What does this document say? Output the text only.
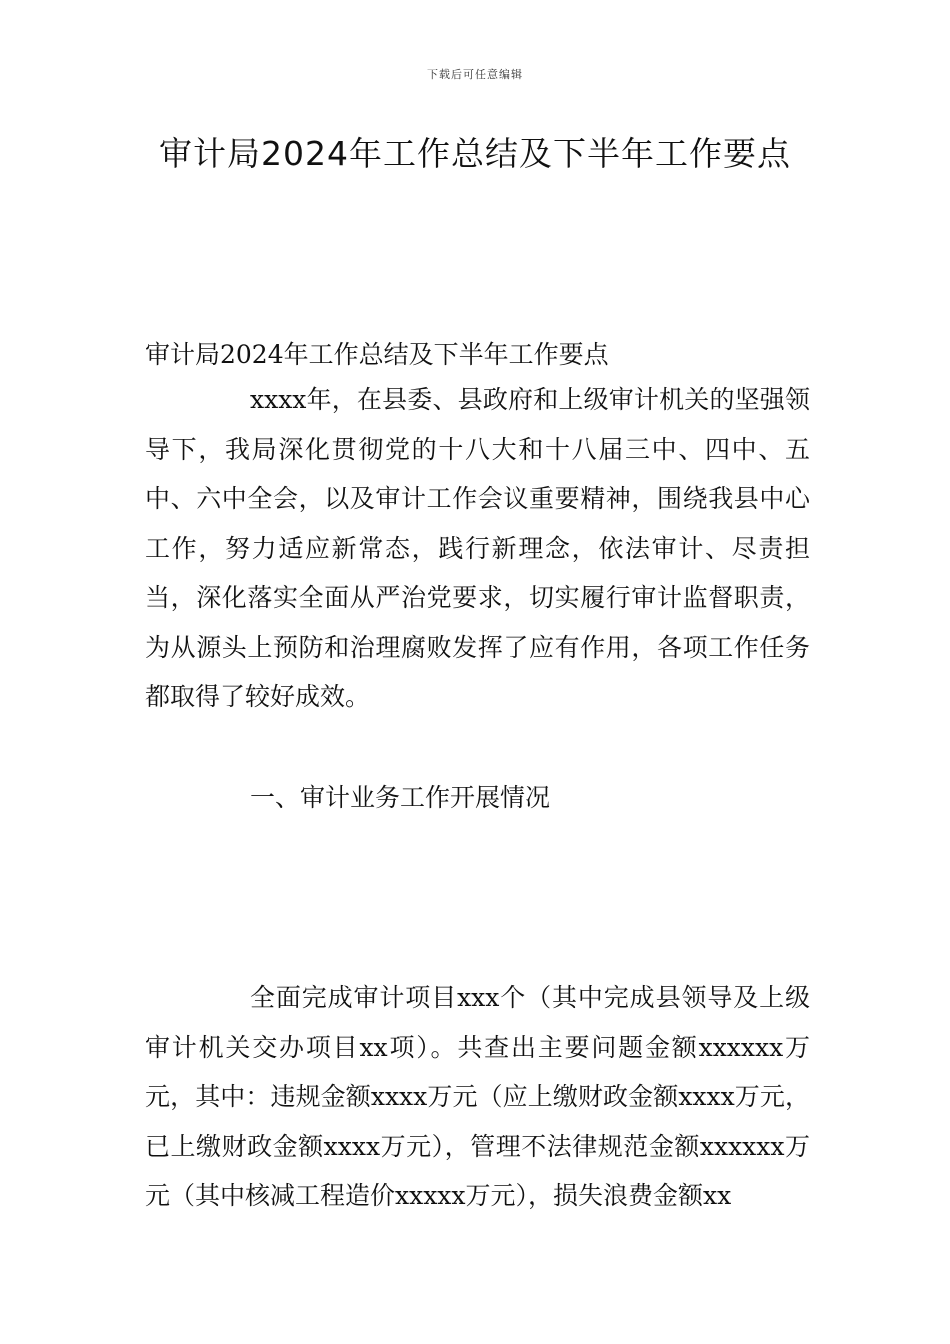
下载后可任意编辑
审计局2024年工作总结及下半年工作要点

审计局2024年工作总结及下半年工作要点

xxxx年，在县委、县政府和上级审计机关的坚强领导下，我局深化贯彻党的十八大和十八届三中、四中、五中、六中全会，以及审计工作会议重要精神，围绕我县中心工作，努力适应新常态，践行新理念，依法审计、尽责担当，深化落实全面从严治党要求，切实履行审计监督职责，为从源头上预防和治理腐败发挥了应有作用，各项工作任务都取得了较好成效。

一、审计业务工作开展情况

全面完成审计项目xxx个（其中完成县领导及上级审计机关交办项目xx项）。共查出主要问题金额xxxxxx万元，其中：违规金额xxxx万元（应上缴财政金额xxxx万元，已上缴财政金额xxxx万元），管理不法律规范金额xxxxxx万元（其中核减工程造价xxxxx万元），损失浪费金额xx
